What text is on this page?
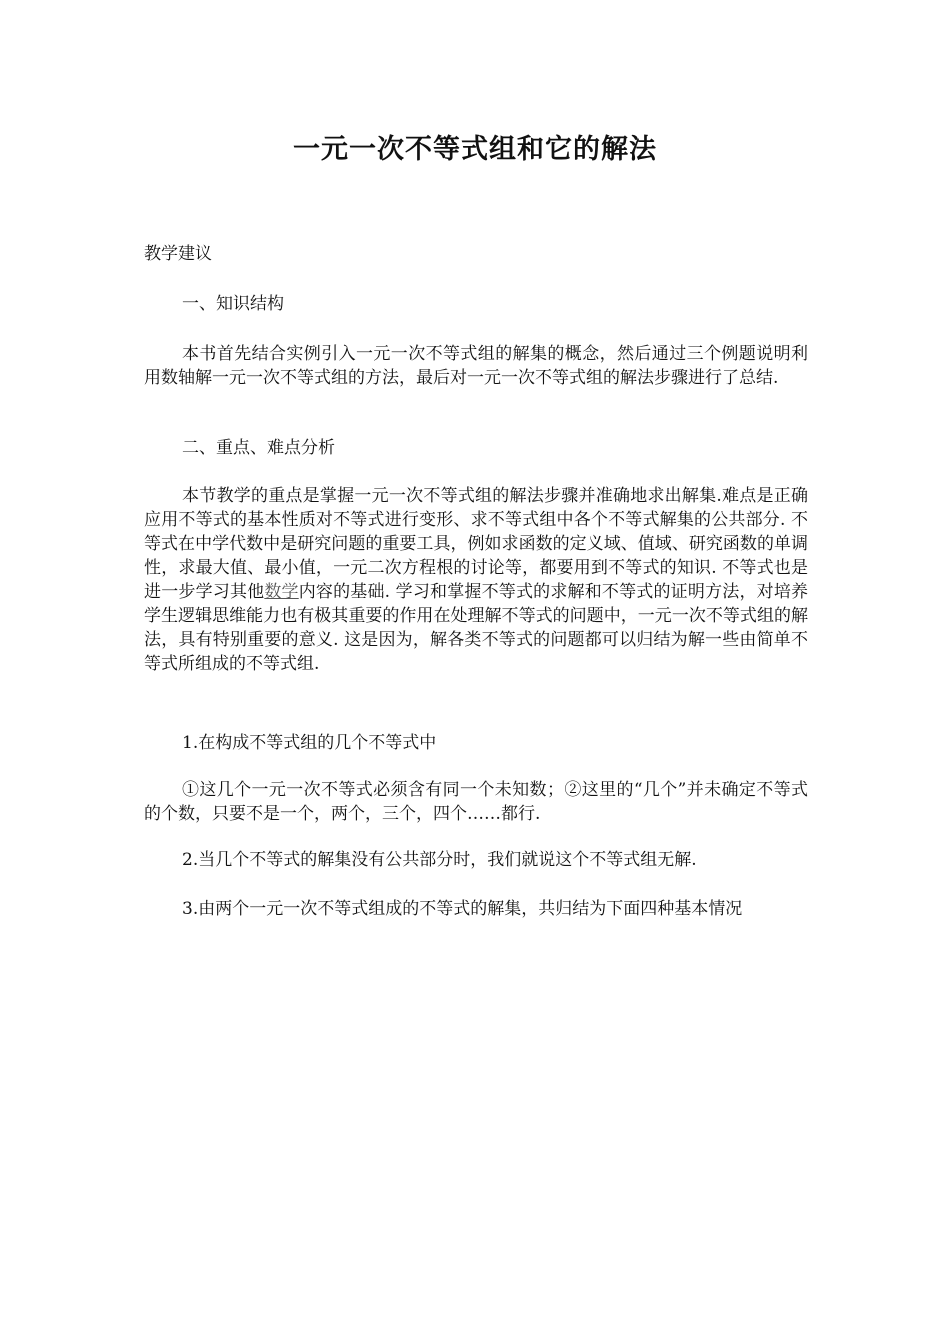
一元一次不等式组和它的解法

教学建议

一、知识结构

本书首先结合实例引入一元一次不等式组的解集的概念，然后通过三个例题说明利用数轴解一元一次不等式组的方法，最后对一元一次不等式组的解法步骤进行了总结.

二、重点、难点分析

本节教学的重点是掌握一元一次不等式组的解法步骤并准确地求出解集.难点是正确应用不等式的基本性质对不等式进行变形、求不等式组中各个不等式解集的公共部分. 不等式在中学代数中是研究问题的重要工具，例如求函数的定义域、值域、研究函数的单调性，求最大值、最小值，一元二次方程根的讨论等，都要用到不等式的知识. 不等式也是进一步学习其他数学内容的基础. 学习和掌握不等式的求解和不等式的证明方法，对培养学生逻辑思维能力也有极其重要的作用在处理解不等式的问题中，一元一次不等式组的解法，具有特别重要的意义. 这是因为，解各类不等式的问题都可以归结为解一些由简单不等式所组成的不等式组.

1.在构成不等式组的几个不等式中

①这几个一元一次不等式必须含有同一个未知数；②这里的“几个”并未确定不等式的个数，只要不是一个，两个，三个，四个……都行.

2.当几个不等式的解集没有公共部分时，我们就说这个不等式组无解.

3.由两个一元一次不等式组成的不等式的解集，共归结为下面四种基本情况
